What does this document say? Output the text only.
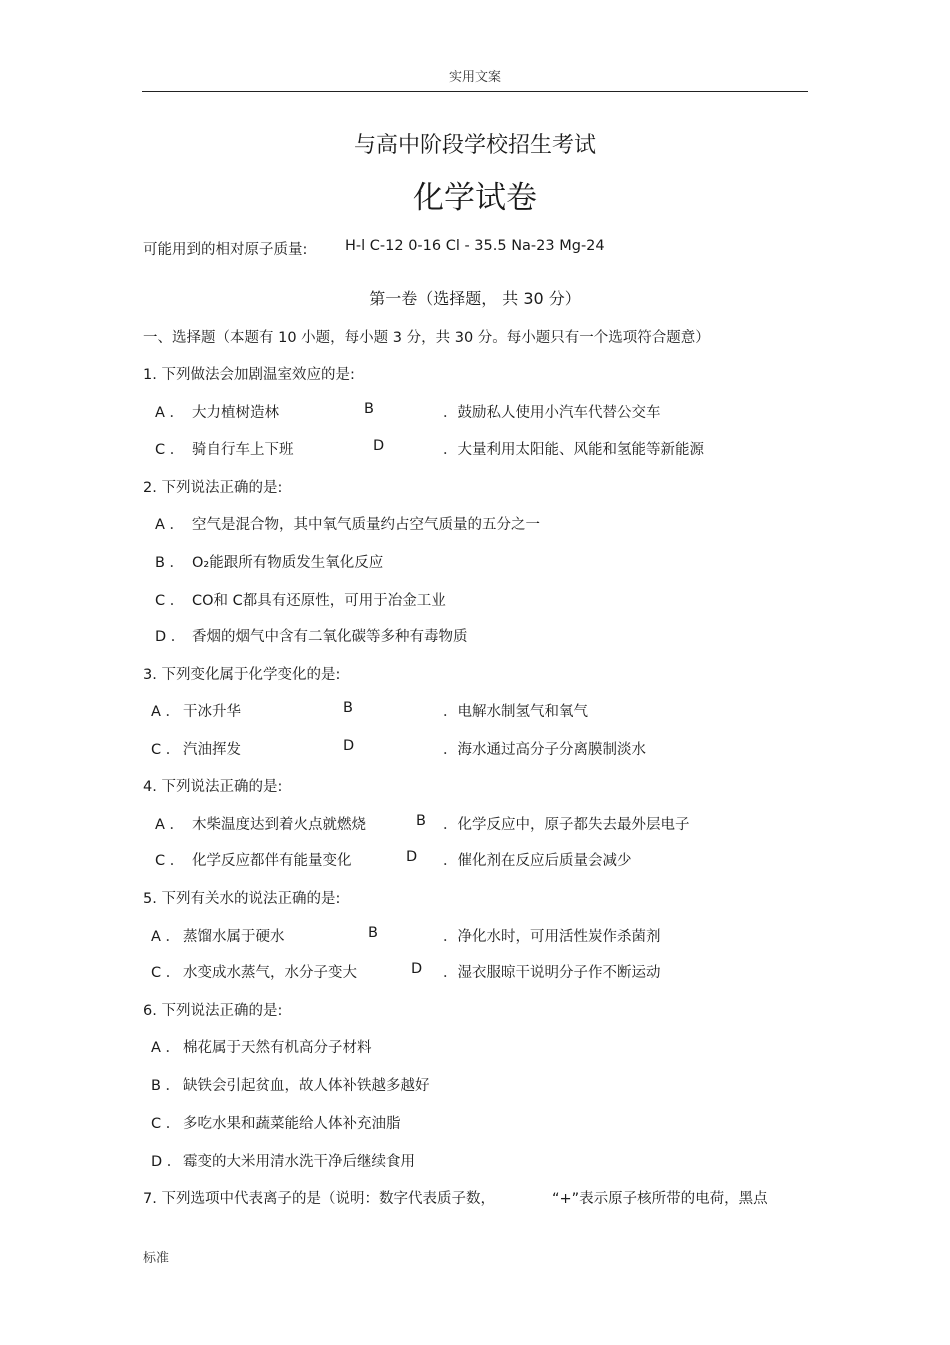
实用文案
与高中阶段学校招生考试
化学试卷
可能用到的相对原子质量:	H-l C-12 0-16 Cl - 35.5 Na-23 Mg-24
第一卷（选择题， 共 30 分）
一、选择题（本题有 10 小题，每小题 3 分，共 30 分。每小题只有一个选项符合题意）
1. 下列做法会加剧温室效应的是:
A ． 大力植树造林	B	．鼓励私人使用小汽车代替公交车
C ． 骑自行车上下班	D	．大量利用太阳能、风能和氢能等新能源
2. 下列说法正确的是:
A ． 空气是混合物，其中氧气质量约占空气质量的五分之一
B ． O₂能跟所有物质发生氧化反应
C ． CO和 C都具有还原性，可用于冶金工业
D ． 香烟的烟气中含有二氧化碳等多种有毒物质
3. 下列变化属于化学变化的是:
A ． 干冰升华	B	．电解水制氢气和氧气
C ． 汽油挥发	D	．海水通过高分子分离膜制淡水
4. 下列说法正确的是:
A ． 木柴温度达到着火点就燃烧	B ．化学反应中，原子都失去最外层电子
C ． 化学反应都伴有能量变化	D ．催化剂在反应后质量会减少
5. 下列有关水的说法正确的是:
A ． 蒸馏水属于硬水	B	．净化水时，可用活性炭作杀菌剂
C ． 水变成水蒸气，水分子变大	D ．湿衣服晾干说明分子作不断运动
6. 下列说法正确的是:
A ． 棉花属于天然有机高分子材料
B ． 缺铁会引起贫血，故人体补铁越多越好
C ． 多吃水果和蔬菜能给人体补充油脂
D ． 霉变的大米用清水洗干净后继续食用
7. 下列选项中代表离子的是（说明：数字代表质子数，	“+”表示原子核所带的电荷，黑点
标准
